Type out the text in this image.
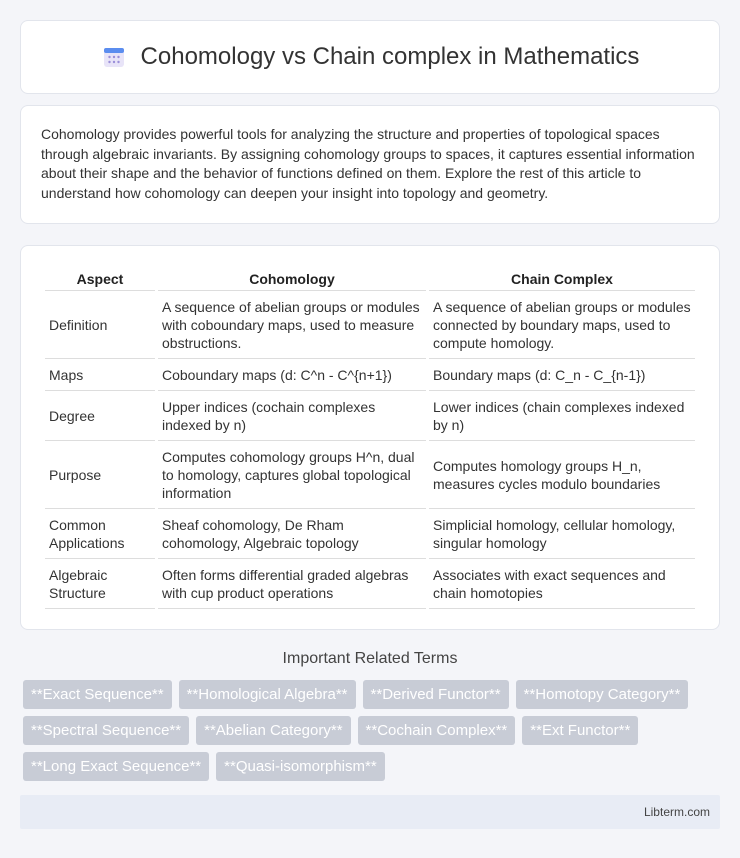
Cohomology vs Chain complex in Mathematics

Cohomology provides powerful tools for analyzing the structure and properties of topological spaces through algebraic invariants. By assigning cohomology groups to spaces, it captures essential information about their shape and the behavior of functions defined on them. Explore the rest of this article to understand how cohomology can deepen your insight into topology and geometry.

Aspect	Cohomology	Chain Complex
Definition	A sequence of abelian groups or modules with coboundary maps, used to measure obstructions.	A sequence of abelian groups or modules connected by boundary maps, used to compute homology.
Maps	Coboundary maps (d: C^n - C^{n+1})	Boundary maps (d: C_n - C_{n-1})
Degree	Upper indices (cochain complexes indexed by n)	Lower indices (chain complexes indexed by n)
Purpose	Computes cohomology groups H^n, dual to homology, captures global topological information	Computes homology groups H_n, measures cycles modulo boundaries
Common Applications	Sheaf cohomology, De Rham cohomology, Algebraic topology	Simplicial homology, cellular homology, singular homology
Algebraic Structure	Often forms differential graded algebras with cup product operations	Associates with exact sequences and chain homotopies
Important Related Terms
**Exact Sequence**	**Homological Algebra**	**Derived Functor**	**Homotopy Category**
**Spectral Sequence**	**Abelian Category**	**Cochain Complex**	**Ext Functor**
**Long Exact Sequence**	**Quasi-isomorphism**
Libterm.com
